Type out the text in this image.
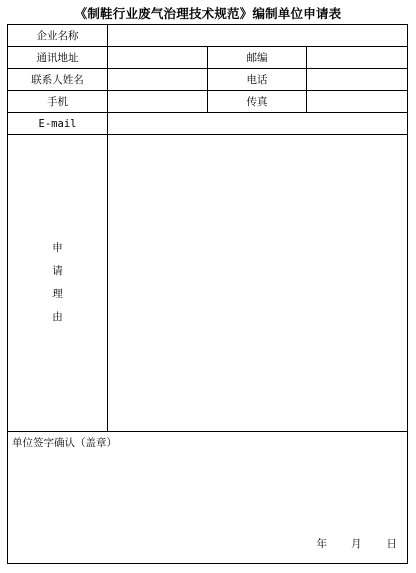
《制鞋行业废气治理技术规范》编制单位申请表
企业名称			
通讯地址		邮编	
联系人姓名		电话	
手机		传真	
E-mail			

申
请
理
由			

单位签字确认（盖章）
年 月 日			
